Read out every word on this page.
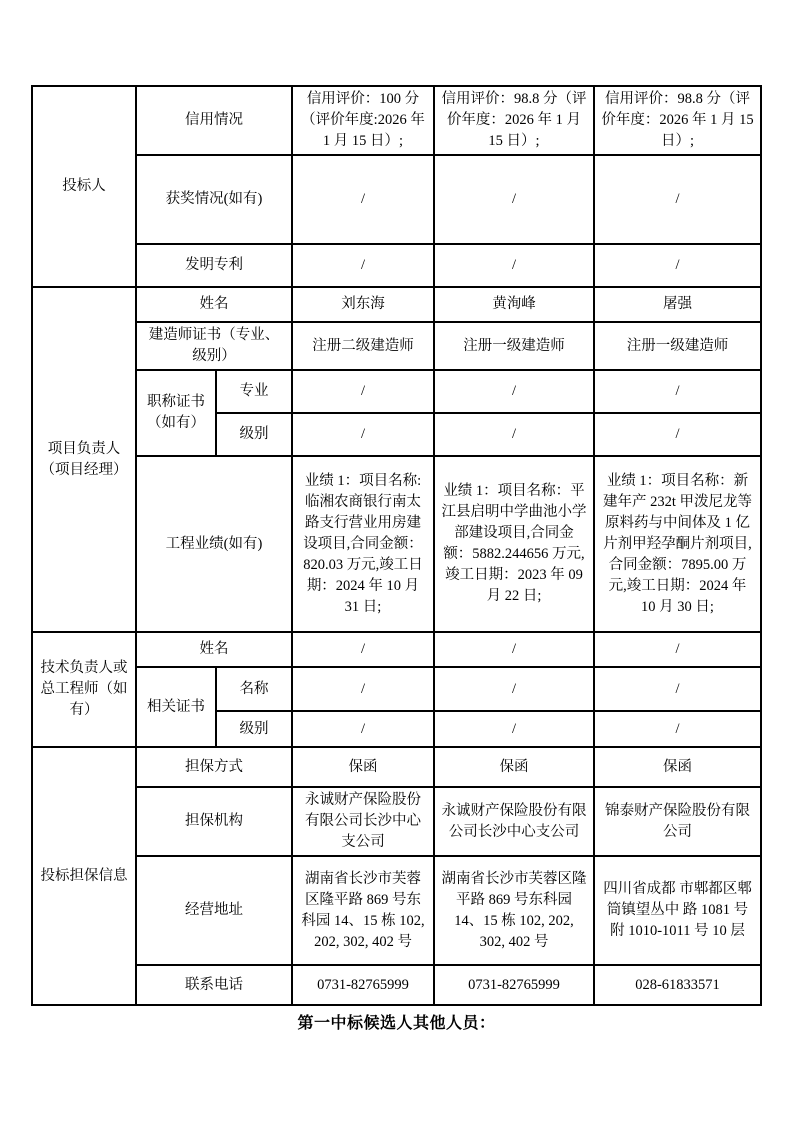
投标人	信用情况		信用评价：100 分（评价年度:2026 年 1 月 15 日）;	信用评价：98.8 分（评价年度：2026 年 1 月 15 日）;	信用评价：98.8 分（评价年度：2026 年 1 月 15 日）;
	获奖情况(如有)		/	/	/
	发明专利		/	/	/
项目负责人（项目经理）	姓名		刘东海	黄洵峰	屠强
	建造师证书（专业、级别）		注册二级建造师	注册一级建造师	注册一级建造师
	职称证书（如有）	专业	/	/	/
		级别	/	/	/
	工程业绩(如有)		业绩 1：项目名称:临湘农商银行南太路支行营业用房建设项目,合同金额：820.03 万元,竣工日期：2024 年 10 月 31 日;	业绩 1：项目名称：平江县启明中学曲池小学部建设项目,合同金额：5882.244656 万元,竣工日期：2023 年 09 月 22 日;	业绩 1：项目名称：新建年产 232t 甲泼尼龙等原料药与中间体及 1 亿片剂甲羟孕酮片剂项目,合同金额：7895.00 万元,竣工日期：2024 年 10 月 30 日;
技术负责人或总工程师（如有）	姓名		/	/	/
	相关证书	名称	/	/	/
		级别	/	/	/
投标担保信息	担保方式		保函	保函	保函
	担保机构		永诚财产保险股份有限公司长沙中心支公司	永诚财产保险股份有限公司长沙中心支公司	锦泰财产保险股份有限公司
	经营地址		湖南省长沙市芙蓉区隆平路 869 号东科园 14、15 栋 102, 202, 302, 402 号	湖南省长沙市芙蓉区隆平路 869 号东科园 14、15 栋 102, 202, 302, 402 号	四川省成都 市郫都区郫 筒镇望丛中 路 1081 号附 1010-1011 号 10 层
	联系电话		0731-82765999	0731-82765999	028-61833571
第一中标候选人其他人员：
